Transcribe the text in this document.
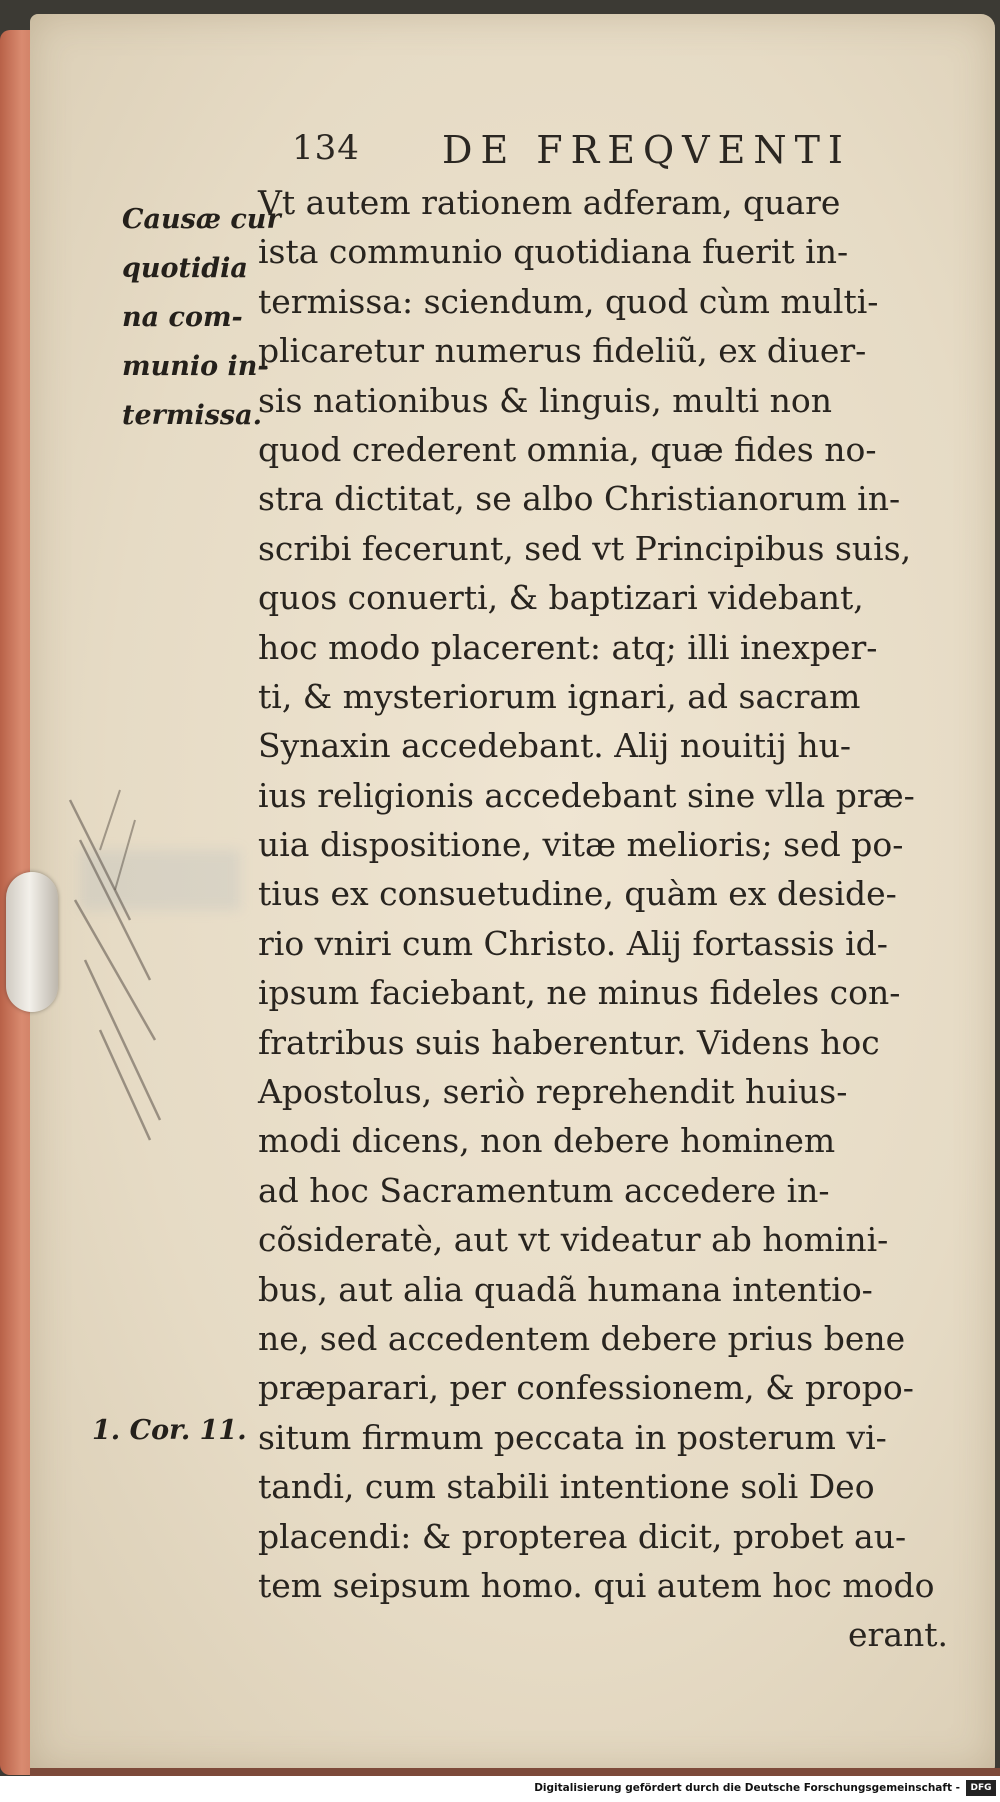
134 DE FREQVENTI
Causæ cur
quotidia
na com-
munio in-
termissa.
1. Cor. 11.
Vt autem rationem adferam, quare
ista communio quotidiana fuerit in-
termissa: sciendum, quod cùm multi-
plicaretur numerus fideliũ, ex diuer-
sis nationibus & linguis, multi non
quod crederent omnia, quæ fides no-
stra dictitat, se albo Christianorum in-
scribi fecerunt, sed vt Principibus suis,
quos conuerti, & baptizari videbant,
hoc modo placerent: atq; illi inexper-
ti, & mysteriorum ignari, ad sacram
Synaxin accedebant. Alij nouitij hu-
ius religionis accedebant sine vlla præ-
uia dispositione, vitæ melioris; sed po-
tius ex consuetudine, quàm ex deside-
rio vniri cum Christo. Alij fortassis id-
ipsum faciebant, ne minus fideles con-
fratribus suis haberentur. Videns hoc
Apostolus, seriò reprehendit huius-
modi dicens, non debere hominem
ad hoc Sacramentum accedere in-
cõsideratè, aut vt videatur ab homini-
bus, aut alia quadã humana intentio-
ne, sed accedentem debere prius bene
præparari, per confessionem, & propo-
situm firmum peccata in posterum vi-
tandi, cum stabili intentione soli Deo
placendi: & propterea dicit, probet au-
tem seipsum homo. qui autem hoc modo
erant.
Digitalisierung gefördert durch die Deutsche Forschungsgemeinschaft -	DFG
